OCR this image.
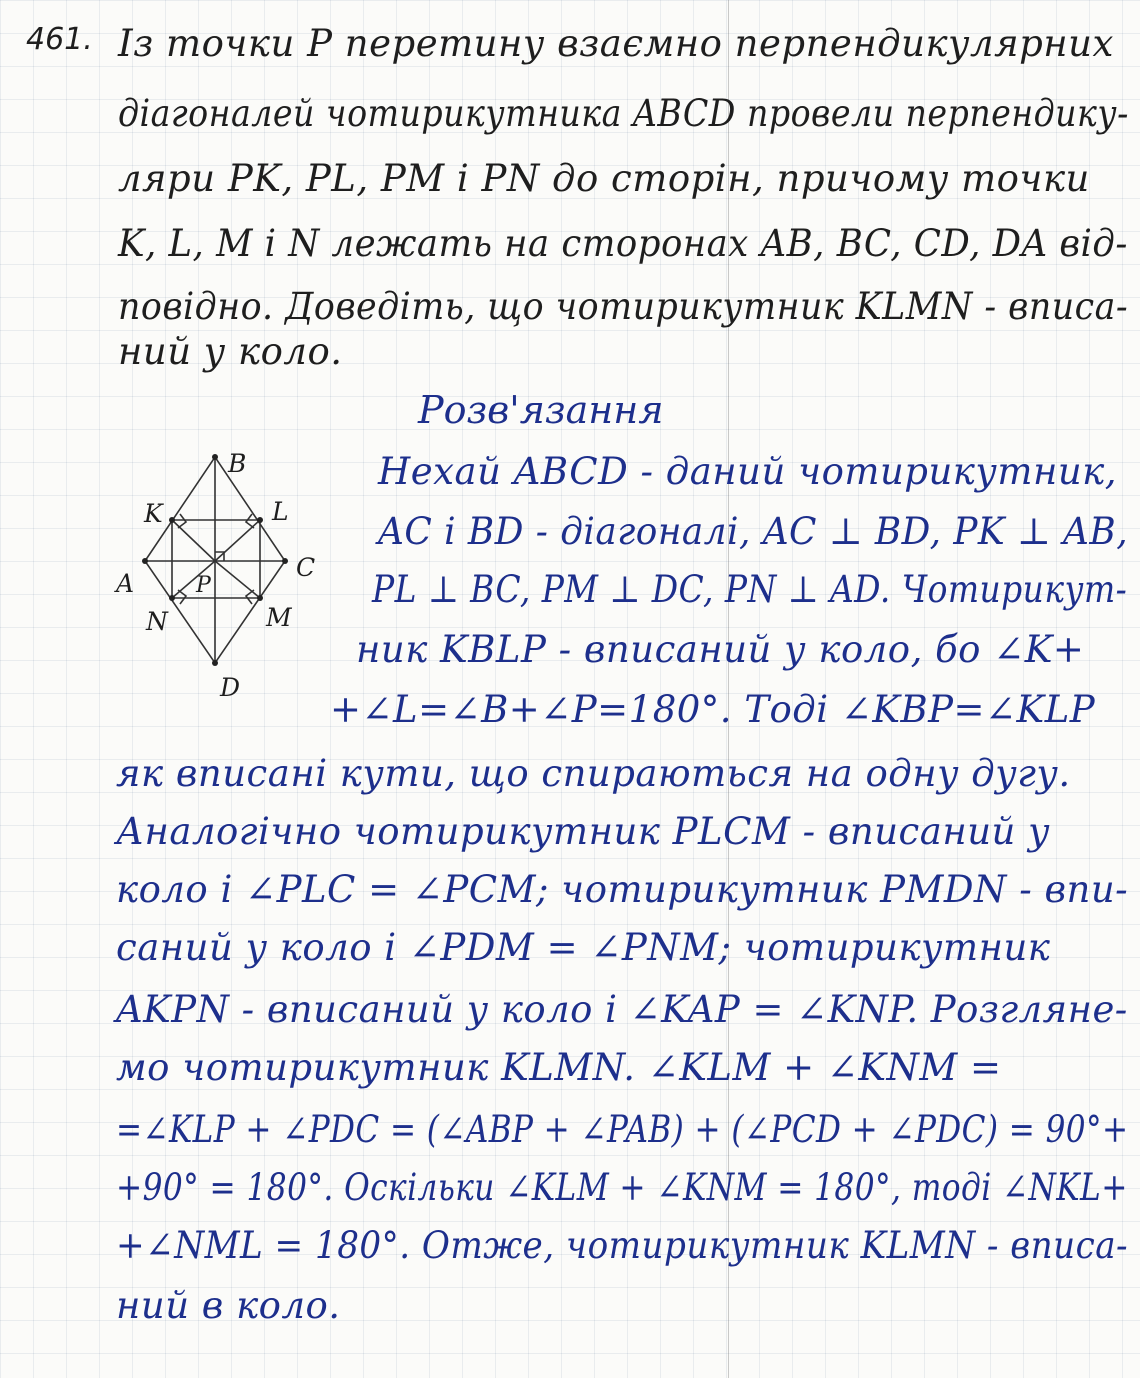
461. Із точки Р перетину взаємно перпендикулярних
діагоналей чотирикутника ABCD провели перпендику-
ляри PK, PL, PM і PN до сторін, причому точки
K, L, M і N лежать на сторонах AB, BC, CD, DA від-
повідно. Доведіть, що чотирикутник KLMN - вписа-
ний у коло.
Розв'язання
B
K	L
A
C
P
N	M
D
Нехай ABCD - даний чотирикутник,
AC і BD - діагоналі, AC ⊥ BD, PK ⊥ AB,
PL ⊥ BC, PM ⊥ DC, PN ⊥ AD. Чотирикут-
ник KBLP - вписаний у коло, бо ∠K+
+∠L=∠B+∠P=180°. Тоді ∠KBP=∠KLP
як вписані кути, що спираються на одну дугу.
Аналогічно чотирикутник PLCM - вписаний у
коло і ∠PLC = ∠PCM; чотирикутник PMDN - впи-
саний у коло і ∠PDM = ∠PNM; чотирикутник
AKPN - вписаний у коло і ∠KAP = ∠KNP. Розгляне-
мо чотирикутник KLMN. ∠KLM + ∠KNM =
=∠KLP + ∠PDC = (∠ABP + ∠PAB) + (∠PCD + ∠PDC) = 90°+
+90° = 180°. Оскільки ∠KLM + ∠KNM = 180°, тоді ∠NKL+
+∠NML = 180°. Отже, чотирикутник KLMN - вписа-
ний в коло.
